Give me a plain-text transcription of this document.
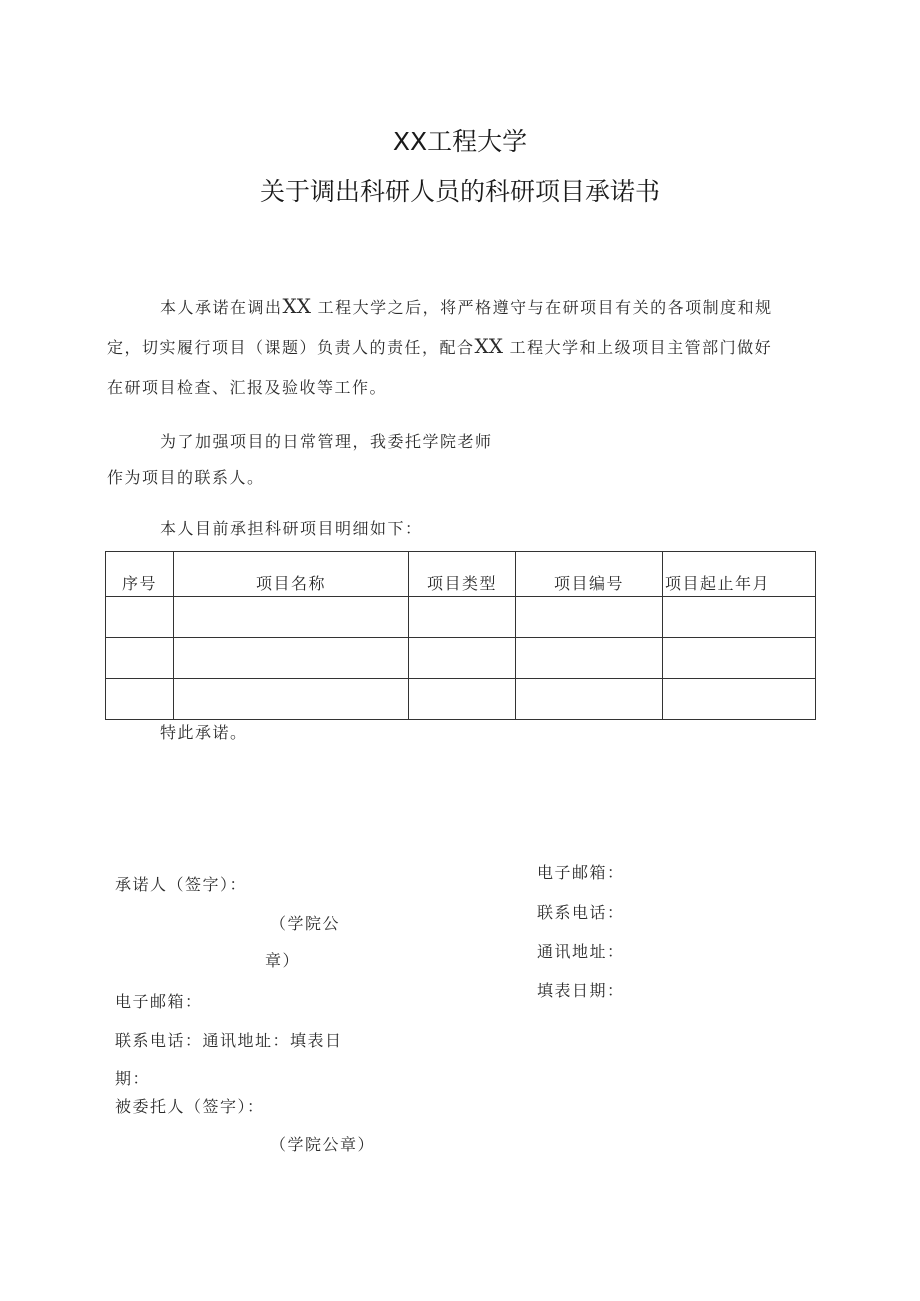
XX工程大学
关于调出科研人员的科研项目承诺书
本人承诺在调出XX 工程大学之后，将严格遵守与在研项目有关的各项制度和规
定，切实履行项目（课题）负责人的责任，配合XX 工程大学和上级项目主管部门做好
在研项目检查、汇报及验收等工作。
为了加强项目的日常管理，我委托学院老师
作为项目的联系人。
本人目前承担科研项目明细如下：
序号	项目名称	项目类型	项目编号	项目起止年月

特此承诺。
承诺人（签字）：
（学院公
章）
电子邮箱：
联系电话：通讯地址：填表日
期：
被委托人（签字）：
（学院公章）
电子邮箱：
联系电话：
通讯地址：
填表日期：
